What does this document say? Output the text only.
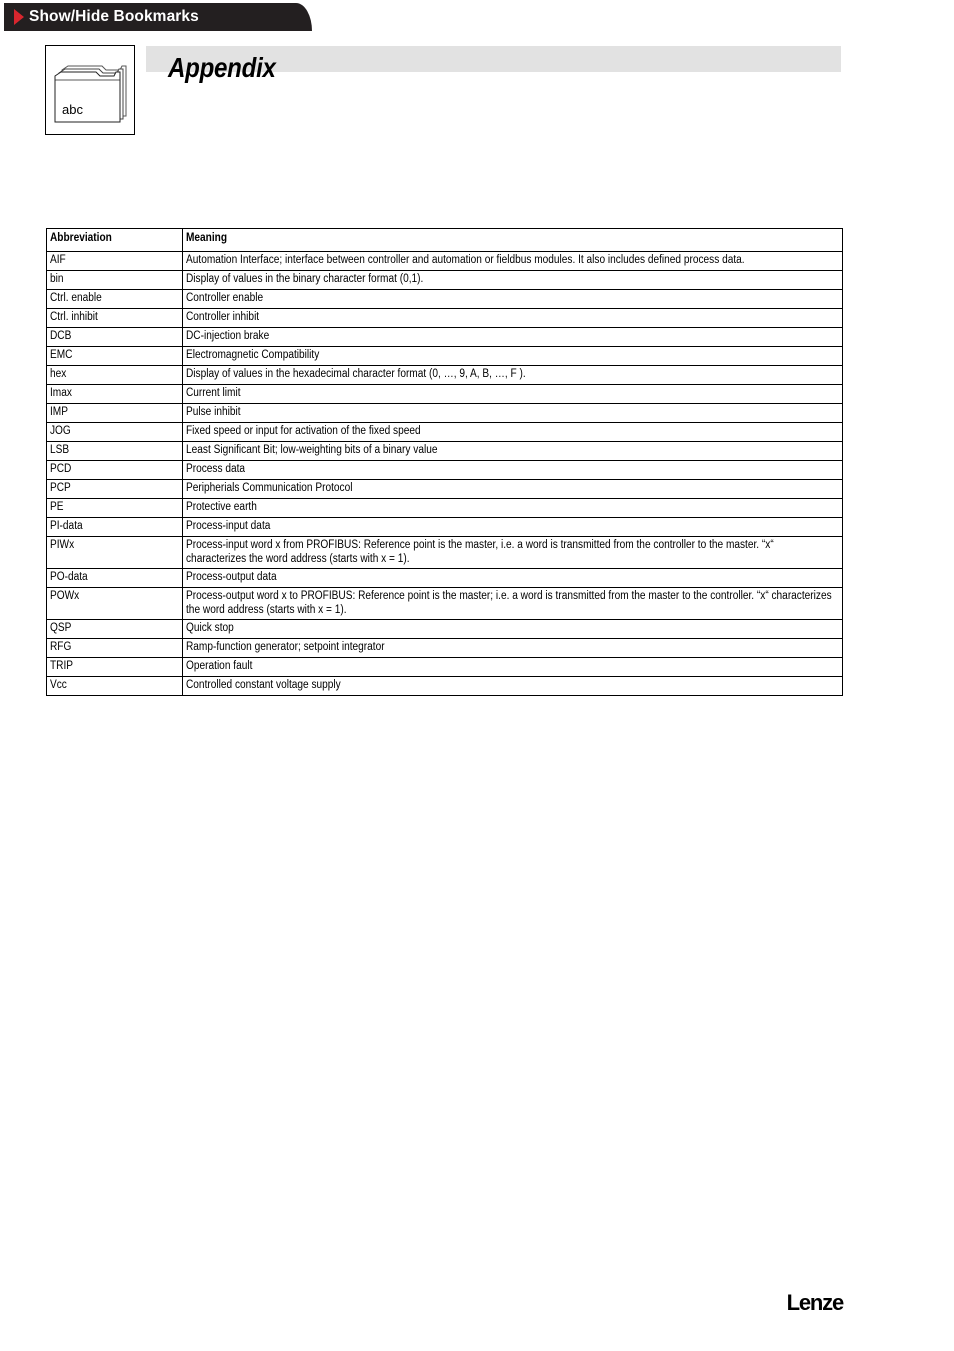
Show/Hide Bookmarks
abc
Appendix
Abbreviation	Meaning

AIF	Automation Interface; interface between controller and automation or fieldbus modules. It also includes defined process data.

bin	Display of values in the binary character format (0,1).

Ctrl. enable	Controller enable

Ctrl. inhibit	Controller inhibit

DCB	DC-injection brake

EMC	Electromagnetic Compatibility

hex	Display of values in the hexadecimal character format (0, …, 9, A, B, …, F ).

Imax	Current limit

IMP	Pulse inhibit

JOG	Fixed speed or input for activation of the fixed speed

LSB	Least Significant Bit; low-weighting bits of a binary value

PCD	Process data

PCP	Peripherials Communication Protocol

PE	Protective earth

PI-data	Process-input data

PIWx	Process-input word x from PROFIBUS: Reference point is the master, i.e. a word is transmitted from the controller to the master. “x“ characterizes the word address (starts with x = 1).

PO-data	Process-output data

POWx	Process-output word x to PROFIBUS: Reference point is the master; i.e. a word is transmitted from the master to the controller. “x“ characterizes the word address (starts with x = 1).

QSP	Quick stop

RFG	Ramp-function generator; setpoint integrator

TRIP	Operation fault

Vcc	Controlled constant voltage supply
Lenze
